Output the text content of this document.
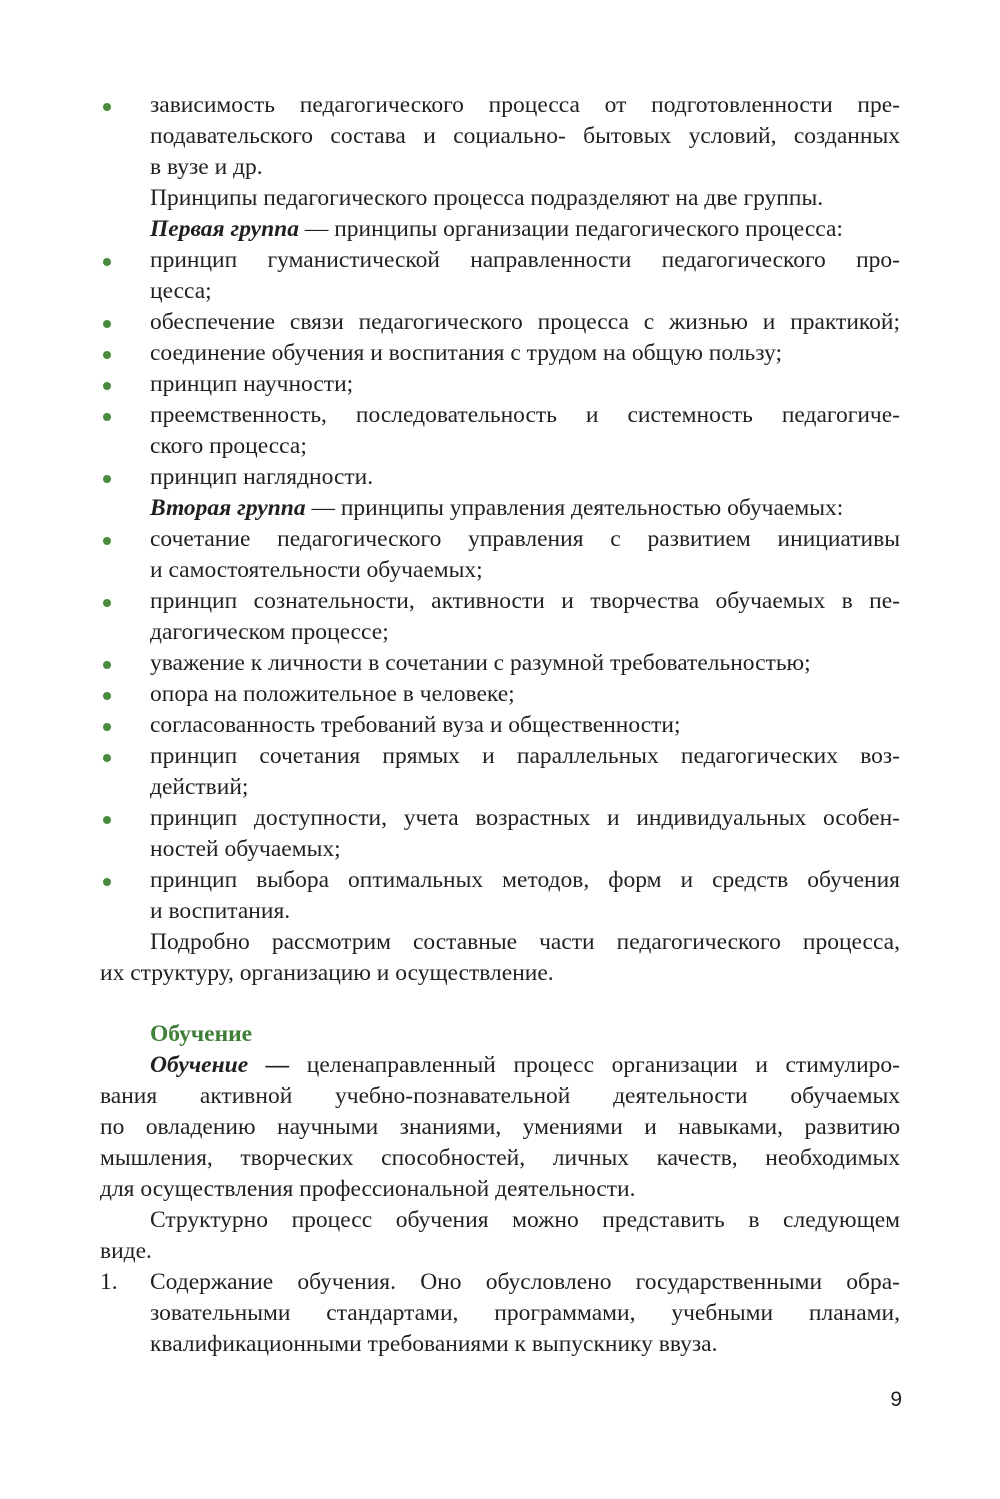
зависимость педагогического процесса от подготовленности пре-
подавательского состава и социально- бытовых условий, созданных
в вузе и др.
Принципы педагогического процесса подразделяют на две группы.
Первая группа — принципы организации педагогического процесса:
принцип гуманистической направленности педагогического про-
цесса;
обеспечение связи педагогического процесса с жизнью и практикой;
соединение обучения и воспитания с трудом на общую пользу;
принцип научности;
преемственность, последовательность и системность педагогиче-
ского процесса;
принцип наглядности.
Вторая группа — принципы управления деятельностью обучаемых:
сочетание педагогического управления с развитием инициативы
и самостоятельности обучаемых;
принцип сознательности, активности и творчества обучаемых в пе-
дагогическом процессе;
уважение к личности в сочетании с разумной требовательностью;
опора на положительное в человеке;
согласованность требований вуза и общественности;
принцип сочетания прямых и параллельных педагогических воз-
действий;
принцип доступности, учета возрастных и индивидуальных особен-
ностей обучаемых;
принцип выбора оптимальных методов, форм и средств обучения
и воспитания.
Подробно рассмотрим составные части педагогического процесса,
их структуру, организацию и осуществление.
Обучение
Обучение — целенаправленный процесс организации и стимулиро-
вания активной учебно-познавательной деятельности обучаемых
по овладению научными знаниями, умениями и навыками, развитию
мышления, творческих способностей, личных качеств, необходимых
для осуществления профессиональной деятельности.
Структурно процесс обучения можно представить в следующем
виде.
1. Содержание обучения. Оно обусловлено государственными обра-
зовательными стандартами, программами, учебными планами,
квалификационными требованиями к выпускнику ввуза.
9
